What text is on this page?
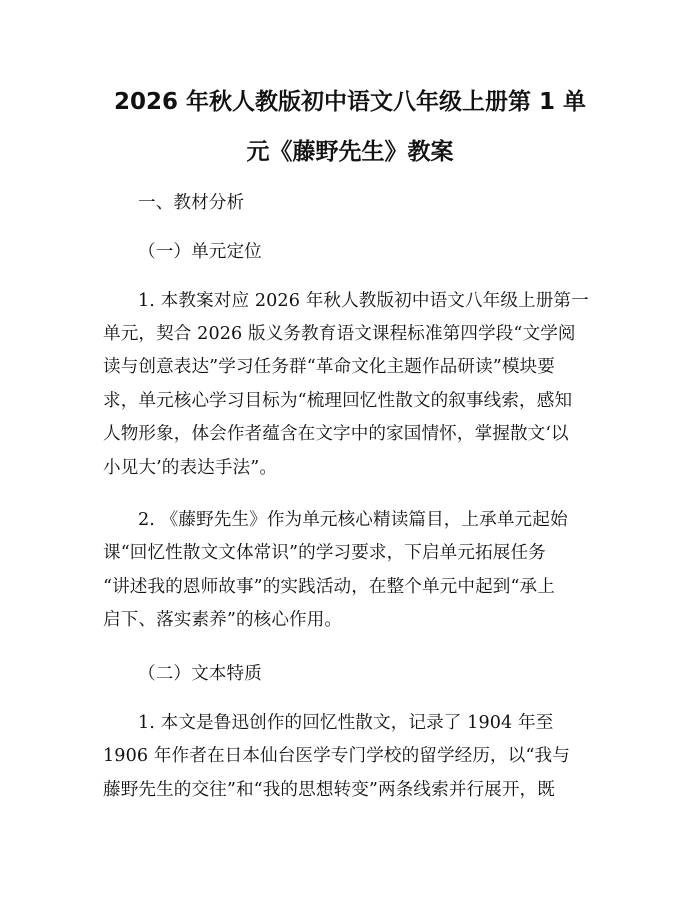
2026 年秋人教版初中语文八年级上册第 1 单
元《藤野先生》教案
一、教材分析
（一）单元定位
1. 本教案对应 2026 年秋人教版初中语文八年级上册第一
单元，契合 2026 版义务教育语文课程标准第四学段“文学阅
读与创意表达”学习任务群“革命文化主题作品研读”模块要
求，单元核心学习目标为“梳理回忆性散文的叙事线索，感知
人物形象，体会作者蕴含在文字中的家国情怀，掌握散文‘以
小见大’的表达手法”。
2. 《藤野先生》作为单元核心精读篇目，上承单元起始
课“回忆性散文文体常识”的学习要求，下启单元拓展任务
“讲述我的恩师故事”的实践活动，在整个单元中起到“承上
启下、落实素养”的核心作用。
（二）文本特质
1. 本文是鲁迅创作的回忆性散文，记录了 1904 年至
1906 年作者在日本仙台医学专门学校的留学经历，以“我与
藤野先生的交往”和“我的思想转变”两条线索并行展开，既
